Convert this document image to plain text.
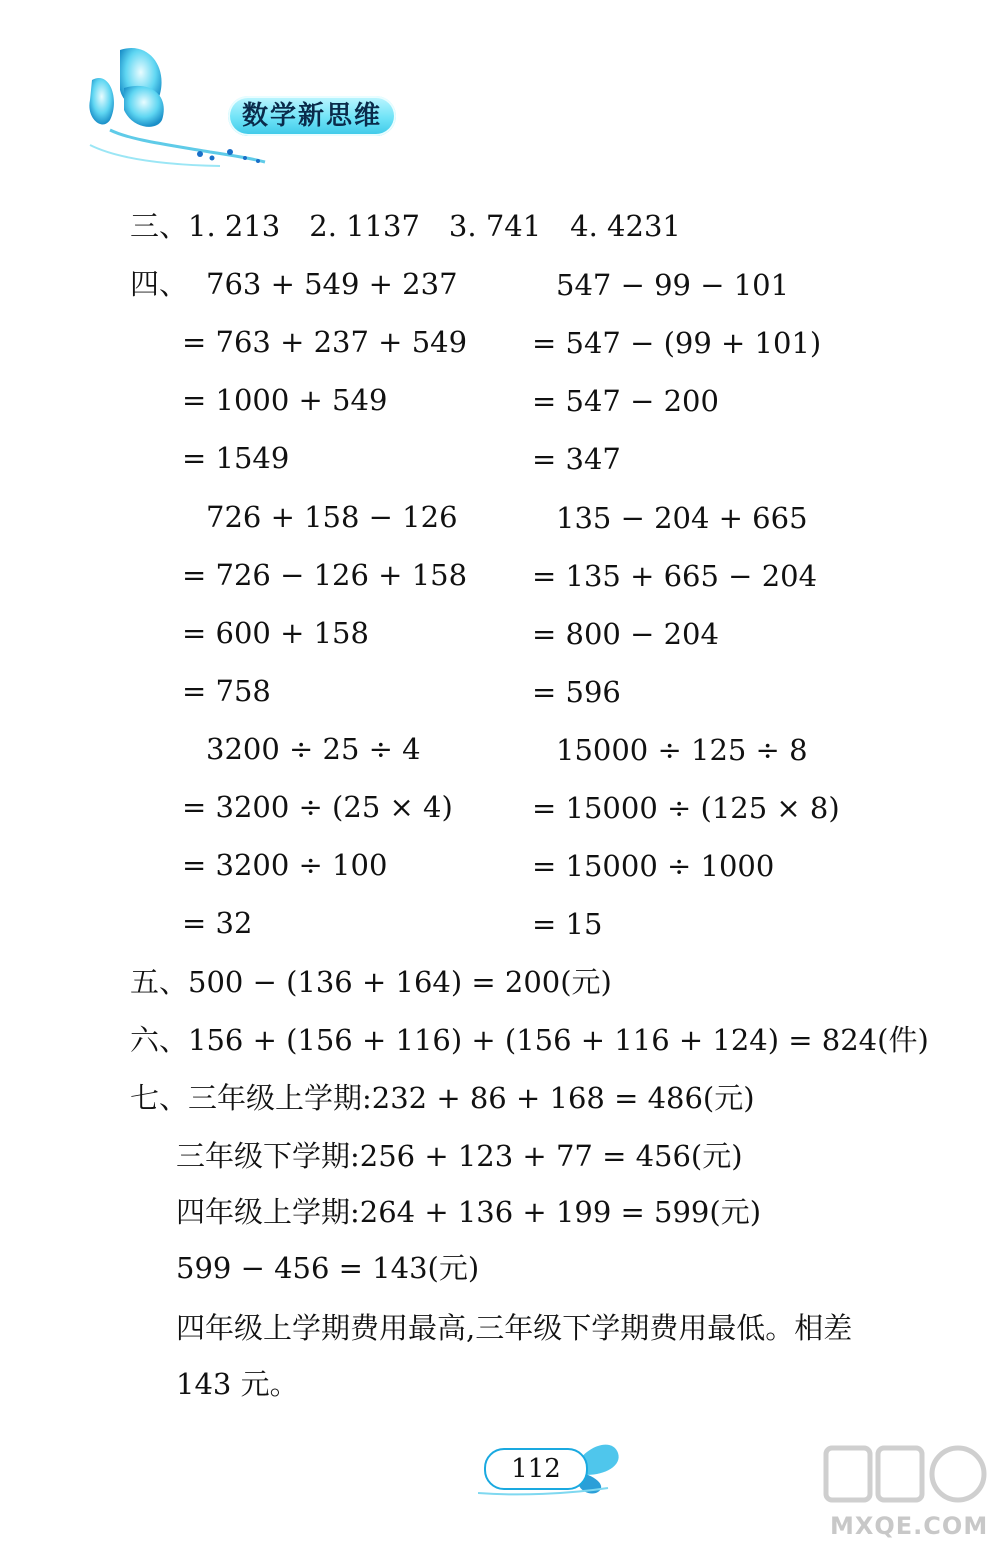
数学新思维
三、1. 213　2. 1137　3. 741　4. 4231
四、 763 + 549 + 237
= 763 + 237 + 549
= 1000 + 549
= 1549
547 − 99 − 101
= 547 − (99 + 101)
= 547 − 200
= 347
726 + 158 − 126
= 726 − 126 + 158
= 600 + 158
= 758
135 − 204 + 665
= 135 + 665 − 204
= 800 − 204
= 596
3200 ÷ 25 ÷ 4
= 3200 ÷ (25 × 4)
= 3200 ÷ 100
= 32
15000 ÷ 125 ÷ 8
= 15000 ÷ (125 × 8)
= 15000 ÷ 1000
= 15
五、500 − (136 + 164) = 200(元)
六、156 + (156 + 116) + (156 + 116 + 124) = 824(件)
七、三年级上学期:232 + 86 + 168 = 486(元)
三年级下学期:256 + 123 + 77 = 456(元)
四年级上学期:264 + 136 + 199 = 599(元)
599 − 456 = 143(元)
四年级上学期费用最高,三年级下学期费用最低。相差
143 元。
112
MXQE.COM
